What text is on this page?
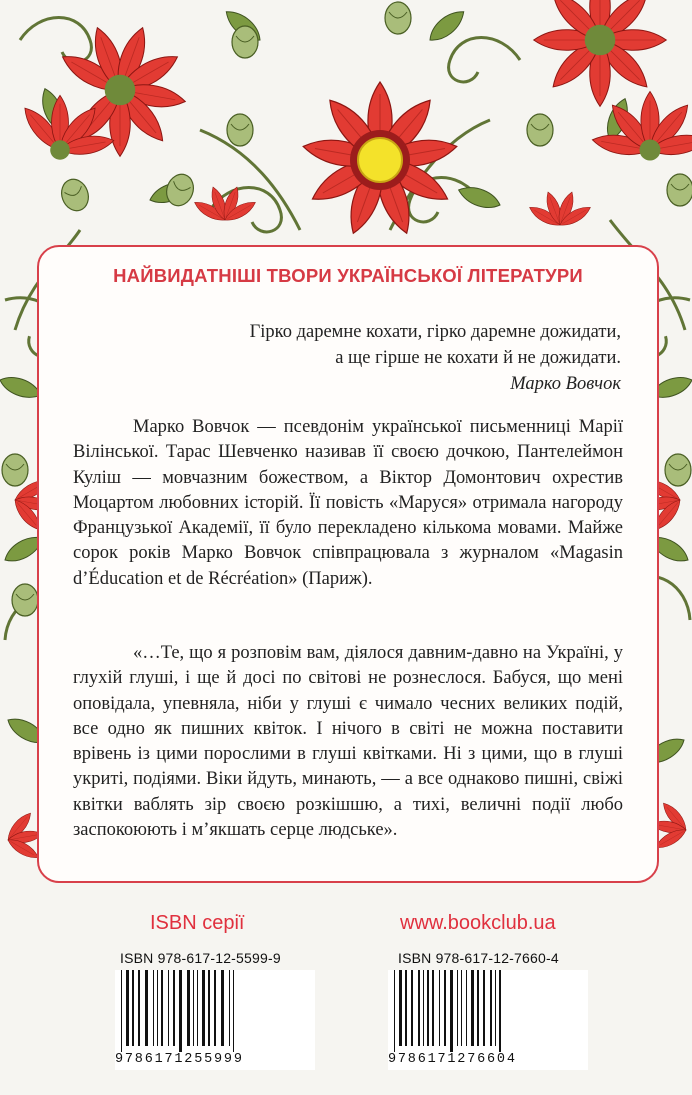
НАЙВИДАТНІШІ ТВОРИ УКРАЇНСЬКОЇ ЛІТЕРАТУРИ
Гірко даремне кохати, гірко даремне дожидати,
а ще гірше не кохати й не дожидати.
Марко Вовчок

Марко Вовчок — псевдонім української письменниці Марії Вілінської. Тарас Шевченко називав її своєю дочкою, Пантелеймон Куліш — мовчазним божеством, а Віктор Домонтович охрестив Моцартом любовних історій. Її повість «Маруся» отримала нагороду Французької Академії, її було перекладено кількома мовами. Майже сорок років Марко Вовчок співпрацювала з журналом «Magasin d’Éducation et de Récréation» (Париж).

«…Те, що я розповім вам, діялося давним-давно на Україні, у глухій глуші, і ще й досі по світові не рознеслося. Бабуся, що мені оповідала, упевняла, ніби у глуші є чимало чесних великих подій, все одно як пишних квіток. І нічого в світі не можна поставити врівень із цими порослими в глуші квітками. Ні з цими, що в глуші укриті, подіями. Віки йдуть, минають, — а все однаково пишні, свіжі квітки ваблять зір своєю розкішшю, а тихі, величні події любо заспокоюють і м’якшать серце людське».

ISBN серії	www.bookclub.ua
ISBN 978-617-12-5599-9	ISBN 978-617-12-7660-4
9786171255999	9786171276604
